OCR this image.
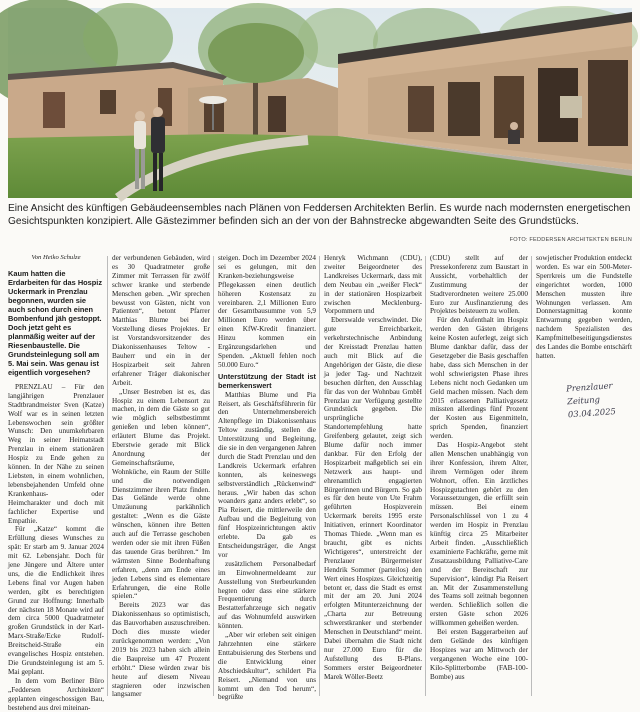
Eine Ansicht des künftigen Gebäudeensembles nach Plänen von Feddersen Architekten Berlin. Es wurde nach modernsten energetischen Gesichtspunkten konzipiert. Alle Gästezimmer befinden sich an der von der Bahnstrecke abgewandten Seite des Grundstücks.

FOTO: FEDDERSEN ARCHITEKTEN BERLIN

Von Heiko Schulze

Kaum hatten die Erdarbeiten für das Hospiz Uckermark in Prenzlau begonnen, wurden sie auch schon durch einen Bombenfund jäh gestoppt. Doch jetzt geht es planmäßig weiter auf der Riesenbaustelle. Die Grundsteinlegung soll am 5. Mai sein. Was genau ist eigentlich vorgesehen?

PRENZLAU – Für den langjährigen Prenzlauer Stadtbrandmeister Sven (Katze) Wolf war es in seinen letzten Lebenswochen sein größter Wunsch: Den unumkehrbaren Weg in seiner Heimatstadt Prenzlau in einem stationären Hospiz zu Ende gehen zu können. In der Nähe zu seinen Liebsten, in einem wohnlichen, lebensbejahenden Umfeld ohne Krankenhaus- oder Heimcharakter und doch mit fachlicher Expertise und Empathie.

Für „Katze“ kommt die Erfüllung dieses Wunsches zu spät: Er starb am 9. Januar 2024 mit 62. Lebensjahr. Doch für jene Jüngere und Ältere unter uns, die die Endlichkeit ihres Lebens final vor Augen haben werden, gibt es berechtigten Grund zur Hoffnung: Innerhalb der nächsten 18 Monate wird auf dem circa 5000 Quadratmeter großen Grundstück in der Karl-Marx-Straße/Ecke Rudolf-Breitscheid-Straße ein evangelisches Hospiz entstehen. Die Grundsteinlegung ist am 5. Mai geplant.

In dem vom Berliner Büro „Feddersen Architekten“ geplanten eingeschossigen Bau, bestehend aus drei miteinan-

der verbundenen Gebäuden, wird es 30 Quadratmeter große Zimmer mit Terrassen für zwölf schwer kranke und sterbende Menschen geben. „Wir sprechen bewusst von Gästen, nicht von Patienten“, betont Pfarrer Matthias Blume bei der Vorstellung dieses Projektes. Er ist Vorstandsvorsitzender des Diakonissenhauses Teltow - Bauherr und ein in der Hospizarbeit seit Jahren erfahrener Träger diakonischer Arbeit.

„Unser Bestreben ist es, das Hospiz zu einem Lebensort zu machen, in dem die Gäste so gut wie möglich selbstbestimmt genießen und leben können“, erläutert Blume das Projekt. Eberstwie gerade mit Blick Anordnung der Gemeinschaftsräume, Wohnküche, ein Raum der Stille und die notwendigen Dienstzimmer ihren Platz finden. Das Gelände werde ohne Umzäunung parkähnlich gestaltet: „Wenn es die Gäste wünschen, können ihre Betten auch auf die Terrasse geschoben werden oder sie mit ihren Füßen das tauende Gras berühren.“ Im wärmsten Sinne Bodenhaftung erfahren, „denn am Ende eines jeden Lebens sind es elementare Erfahrungen, die eine Rolle spielen.“

Bereits 2023 war das Diakonissenhaus so optimistisch, das Bauvorhaben auszuschreiben. Doch dies musste wieder zurückgenommen werden: „Von 2019 bis 2023 haben sich allein die Baupreise um 47 Prozent erhöht.“ Diese würden zwar bis heute auf diesem Niveau stagnieren oder inzwischen langsamer

steigen. Doch im Dezember 2024 sei es gelungen, mit den Kranken-beziehungsweise Pflegekassen einen deutlich höheren Kostensatz zu vereinbaren. 2,1 Millionen Euro der Gesamtbausumme von 5,9 Millionen Euro werden über einen KfW-Kredit finanziert. Hinzu kommen ein Ergänzungsdarlehen und Spenden. „Aktuell fehlen noch 50.000 Euro.“

Unterstützung der Stadt ist bemerkenswert

Matthias Blume und Pia Reisert, als Geschäftsführerin für den Unternehmensbereich Altenpflege im Diakonissenhaus Teltow zuständig, stellen die Unterstützung und Begleitung, die sie in den vergangenen Jahren durch die Stadt Prenzlau und den Landkreis Uckermark erfahren konnten, als keineswegs selbstverständlich „Rückenwind“ heraus. „Wir haben das schon woanders ganz anders erlebt“, so Pia Reisert, die mittlerweile den Aufbau und die Begleitung von fünf Hospizeinrichtungen aktiv erlebte. Da gab es Entscheidungsträger, die Angst vor

zusätzlichem Personalbedarf im Einwohnermeldeamt zur Ausstellung von Sterbeurkunden hegten oder dass eine stärkere Frequentierung durch Bestatterfahrzeuge sich negativ auf das Wohnumfeld auswirken könnten.

„Aber wir erleben seit einigen Jahrzehnten eine stärkere Enttabuisierung des Sterbens und die Entwicklung einer Abschiedskultur“, schildert Pia Reisert. „Niemand von uns kommt um den Tod herum“, begrüßte

Henryk Wichmann (CDU), zweiter Beigeordneter des Landkreises Uckermark, dass mit dem Neubau ein „weißer Fleck“ in der stationären Hospizarbeit zwischen Mecklenburg-Vorpommern und

Eberswalde verschwindet. Die gute Erreichbarkeit, verkehrstechnische Anbindung der Kreisstadt Prenzlau hatten auch mit Blick auf die Angehörigen der Gäste, die diese ja jeder Tag- und Nachtzeit besuchen dürften, den Ausschlag für das von der Wohnbau GmbH Prenzlau zur Verfügung gestellte Grundstück gegeben. Die ursprüngliche Standortempfehlung hatte Greifenberg gelautet, zeigt sich Blume dafür noch immer dankbar. Für den Erfolg der Hospizarbeit maßgeblich sei ein Netzwerk aus haupt- und ehrenamtlich engagierten Bürgerinnen und Bürgern. So gab es für den heute von Ute Frahm geführten Hospizverein Uckermark bereits 1995 erste Initiativen, erinnert Koordinator Thomas Thiede. „Wenn man es braucht, gibt es nichts Wichtigeres“, unterstreicht der Prenzlauer Bürgermeister Hendrik Sommer (parteilos) den Wert eines Hospizes. Gleichzeitig betont er, dass die Stadt es ernst mit der am 20. Juni 2024 erfolgten Mitunterzeichnung der „Charta zur Betreuung schwerstkranker und sterbender Menschen in Deutschland“ meint. Dabei übernahm die Stadt nicht nur 27.000 Euro für die Aufstellung des B-Plans. Sommers erster Beigeordneter Marek Wöller-Beetz

(CDU) stellt auf der Pressekonferenz zum Baustart in Aussicht, vorbehaltlich der Zustimmung der Stadtverordneten weitere 25.000 Euro zur Ausfinanzierung des Projektes beisteuern zu wollen.

Für den Aufenthalt im Hospiz werden den Gästen übrigens keine Kosten auferlegt, zeigt sich Blume dankbar dafür, dass der Gesetzgeber die Basis geschaffen habe, dass sich Menschen in der wohl schwierigsten Phase ihres Lebens nicht noch Gedanken um Geld machen müssen. Nach dem 2015 erlassenen Palliativgesetz müssten allerdings fünf Prozent der Kosten aus Eigenmitteln, sprich Spenden, finanziert werden.

Das Hospiz-Angebot steht allen Menschen unabhängig von ihrer Konfession, ihrem Alter, ihrem Vermögen oder ihrem Wohnort, offen. Ein ärztliches Hospizgutachten gehört zu den Voraussetzungen, die erfüllt sein müssen. Bei einem Personalschlüssel von 1 zu 4 werden im Hospiz in Prenzlau künftig circa 25 Mitarbeiter Arbeit finden. „Ausschließlich examinierte Fachkräfte, gerne mit Zusatzausbildung Palliative-Care und der Bereitschaft zur Supervision“, kündigt Pia Reisert an. Mit der Zusammenstellung des Teams soll zeitnah begonnen werden. Schließlich sollen die ersten Gäste schon 2026 willkommen geheißen werden.

Bei ersten Baggerarbeiten auf dem Gelände des künftigen Hospizes war am Mittwoch der vergangenen Woche eine 100-Kilo-Splitterbombe (FAB-100-Bombe) aus

sowjetischer Produktion entdeckt worden. Es war ein 500-Meter-Sperrkreis um die Fundstelle eingerichtet worden, 1000 Menschen mussten ihre Wohnungen verlassen. Am Donnerstagmittag konnte Entwarnung gegeben werden, nachdem Spezialisten des Kampfmittelbeseitigungsdienstes des Landes die Bombe entschärft hatten.

Prenzlauer
Zeitung
03.04.2025
